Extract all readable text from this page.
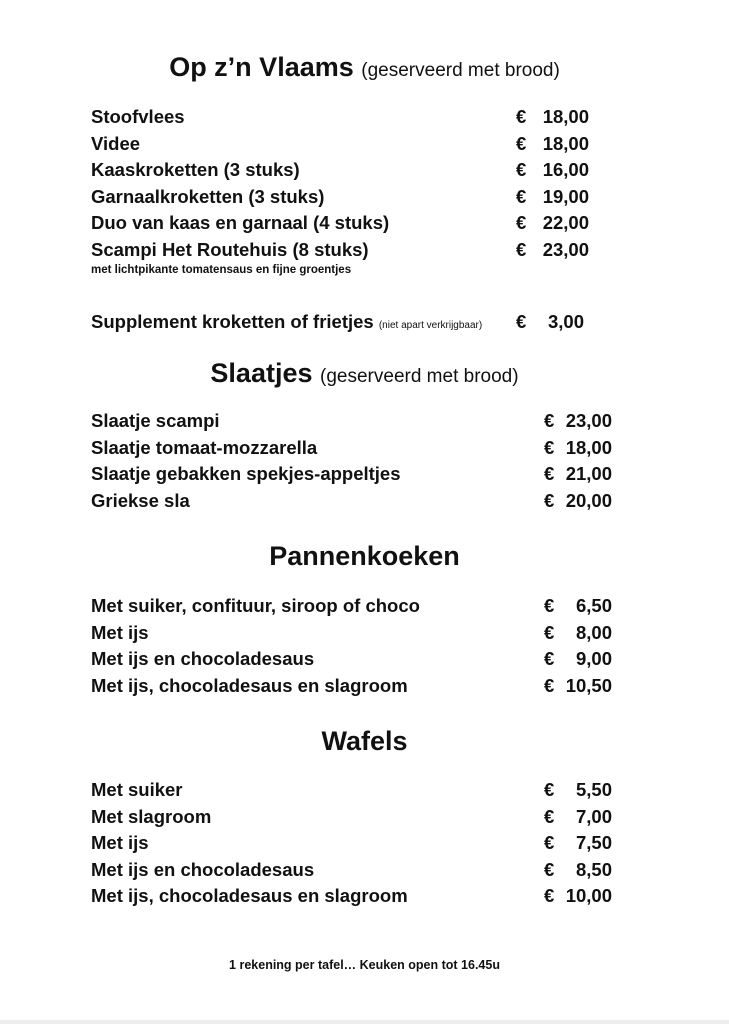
Op z’n Vlaams (geserveerd met brood)
Stoofvlees	€ 18,00
Videe	€ 18,00
Kaaskroketten (3 stuks)	€ 16,00
Garnaalkroketten (3 stuks)	€ 19,00
Duo van kaas en garnaal (4 stuks)	€ 22,00
Scampi Het Routehuis (8 stuks)	€ 23,00
met lichtpikante tomatensaus en fijne groentjes
Supplement kroketten of frietjes (niet apart verkrijgbaar) €	3,00
Slaatjes (geserveerd met brood)
Slaatje scampi	€ 23,00
Slaatje tomaat-mozzarella	€ 18,00
Slaatje gebakken spekjes-appeltjes	€ 21,00
Griekse sla	€ 20,00
Pannenkoeken
Met suiker, confituur, siroop of choco	€	6,50
Met ijs	€	8,00
Met ijs en chocoladesaus	€	9,00
Met ijs, chocoladesaus en slagroom	€ 10,50
Wafels
Met suiker	€	5,50
Met slagroom	€	7,00
Met ijs	€	7,50
Met ijs en chocoladesaus	€	8,50
Met ijs, chocoladesaus en slagroom	€ 10,00
1 rekening per tafel… Keuken open tot 16.45u
